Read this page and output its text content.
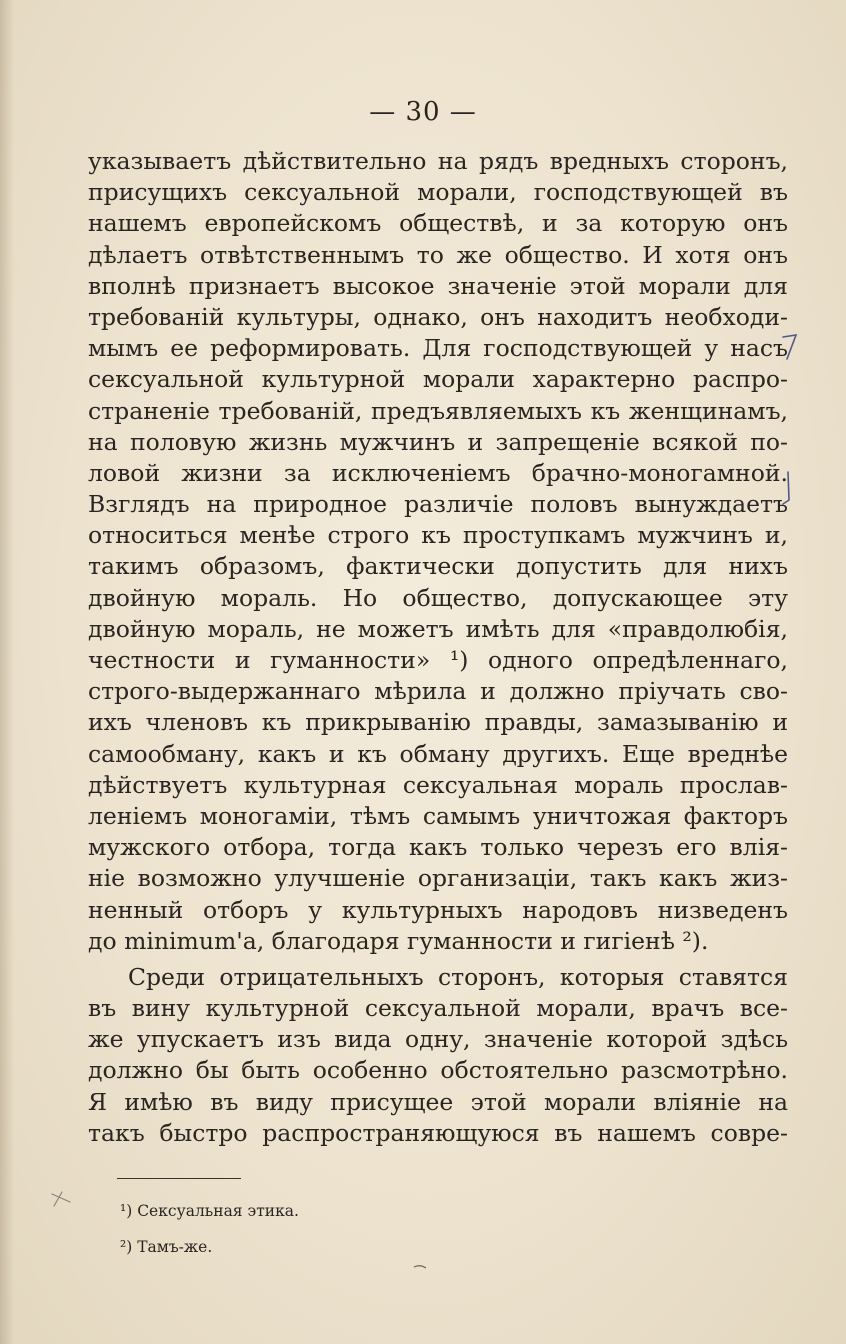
— 30 —
указываетъ дѣйствительно на рядъ вредныхъ сторонъ,
присущихъ сексуальной морали, господствующей въ
нашемъ европейскомъ обществѣ, и за которую онъ
дѣлаетъ отвѣтственнымъ то же общество. И хотя онъ
вполнѣ признаетъ высокое значенiе этой морали для
требованiй культуры, однако, онъ находитъ необходи-
мымъ ее реформировать. Для господствующей у насъ
сексуальной культурной морали характерно распро-
страненiе требованiй, предъявляемыхъ къ женщинамъ,
на половую жизнь мужчинъ и запрещенiе всякой по-
ловой жизни за исключенiемъ брачно-моногамной.
Взглядъ на природное различiе половъ вынуждаетъ
относиться менѣе строго къ проступкамъ мужчинъ и,
такимъ образомъ, фактически допустить для нихъ
двойную мораль. Но общество, допускающее эту
двойную мораль, не можетъ имѣть для «правдолюбiя,
честности и гуманности» ¹) одного опредѣленнаго,
строго-выдержаннаго мѣрила и должно прiучать сво-
ихъ членовъ къ прикрыванiю правды, замазыванiю и
самообману, какъ и къ обману другихъ. Еще вреднѣе
дѣйствуетъ культурная сексуальная мораль прослав-
ленiемъ моногамiи, тѣмъ самымъ уничтожая факторъ
мужского отбора, тогда какъ только черезъ его влiя-
нiе возможно улучшенiе организацiи, такъ какъ жиз-
ненный отборъ у культурныхъ народовъ низведенъ
до minimum'а, благодаря гуманности и гигiенѣ ²).
Среди отрицательныхъ сторонъ, которыя ставятся
въ вину культурной сексуальной морали, врачъ все-
же упускаетъ изъ вида одну, значенiе которой здѣсь
должно бы быть особенно обстоятельно разсмотрѣно.
Я имѣю въ виду присущее этой морали влiянiе на
такъ быстро распространяющуюся въ нашемъ совре-
¹) Сексуальная этика.
²) Тамъ-же.
